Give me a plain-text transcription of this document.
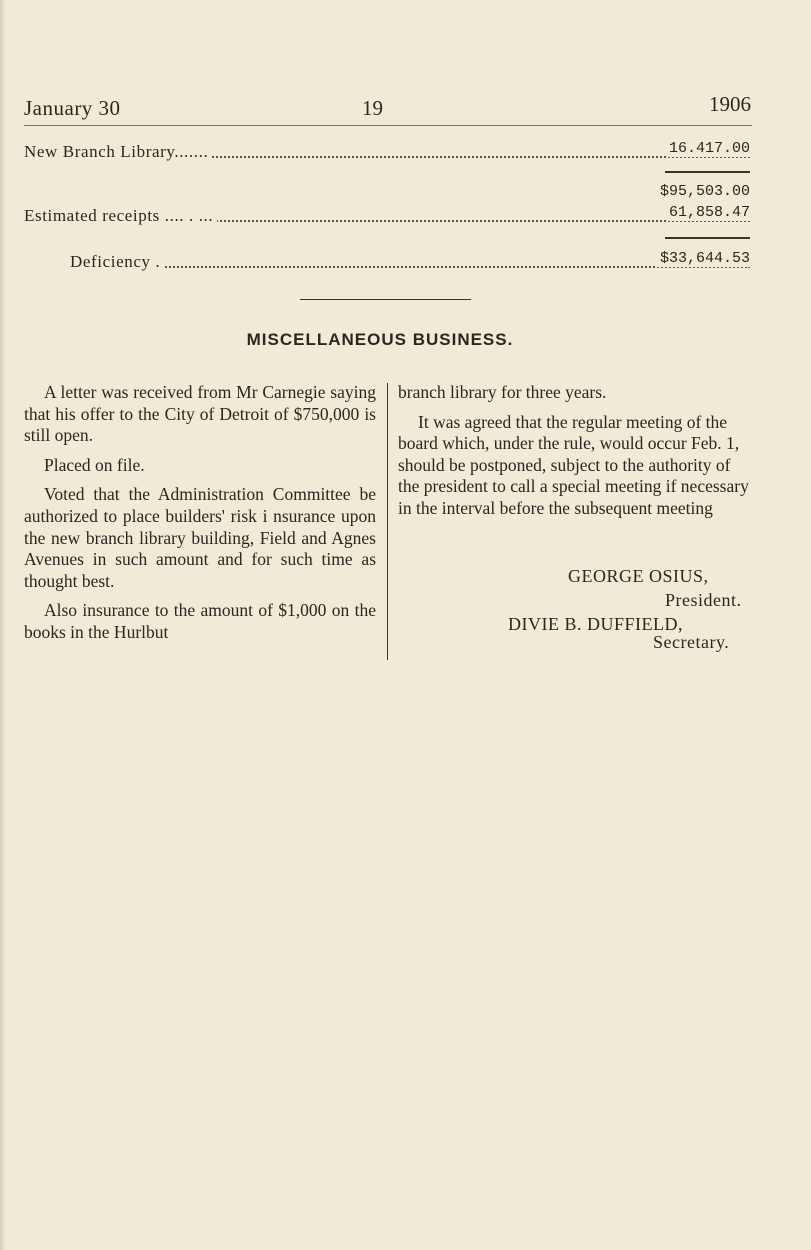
January 30	19	1906
New Branch Library.......	16.417.00
$95,503.00
Estimated receipts .... . ...	61,858.47
Deficiency .	$33,644.53
MISCELLANEOUS BUSINESS.

A letter was received from Mr Carnegie saying that his offer to the City of Detroit of $750,000 is still open.

Placed on file.

Voted that the Administration Committee be authorized to place builders' risk i nsurance upon the new branch library building, Field and Agnes Avenues in such amount and for such time as thought best.

Also insurance to the amount of $1,000 on the books in the Hurlbut

branch library for three years.

It was agreed that the regular meeting of the board which, under the rule, would occur Feb. 1, should be postponed, subject to the authority of the president to call a special meeting if necessary in the interval before the subsequent meeting

GEORGE OSIUS,
President.
DIVIE B. DUFFIELD,
Secretary.
